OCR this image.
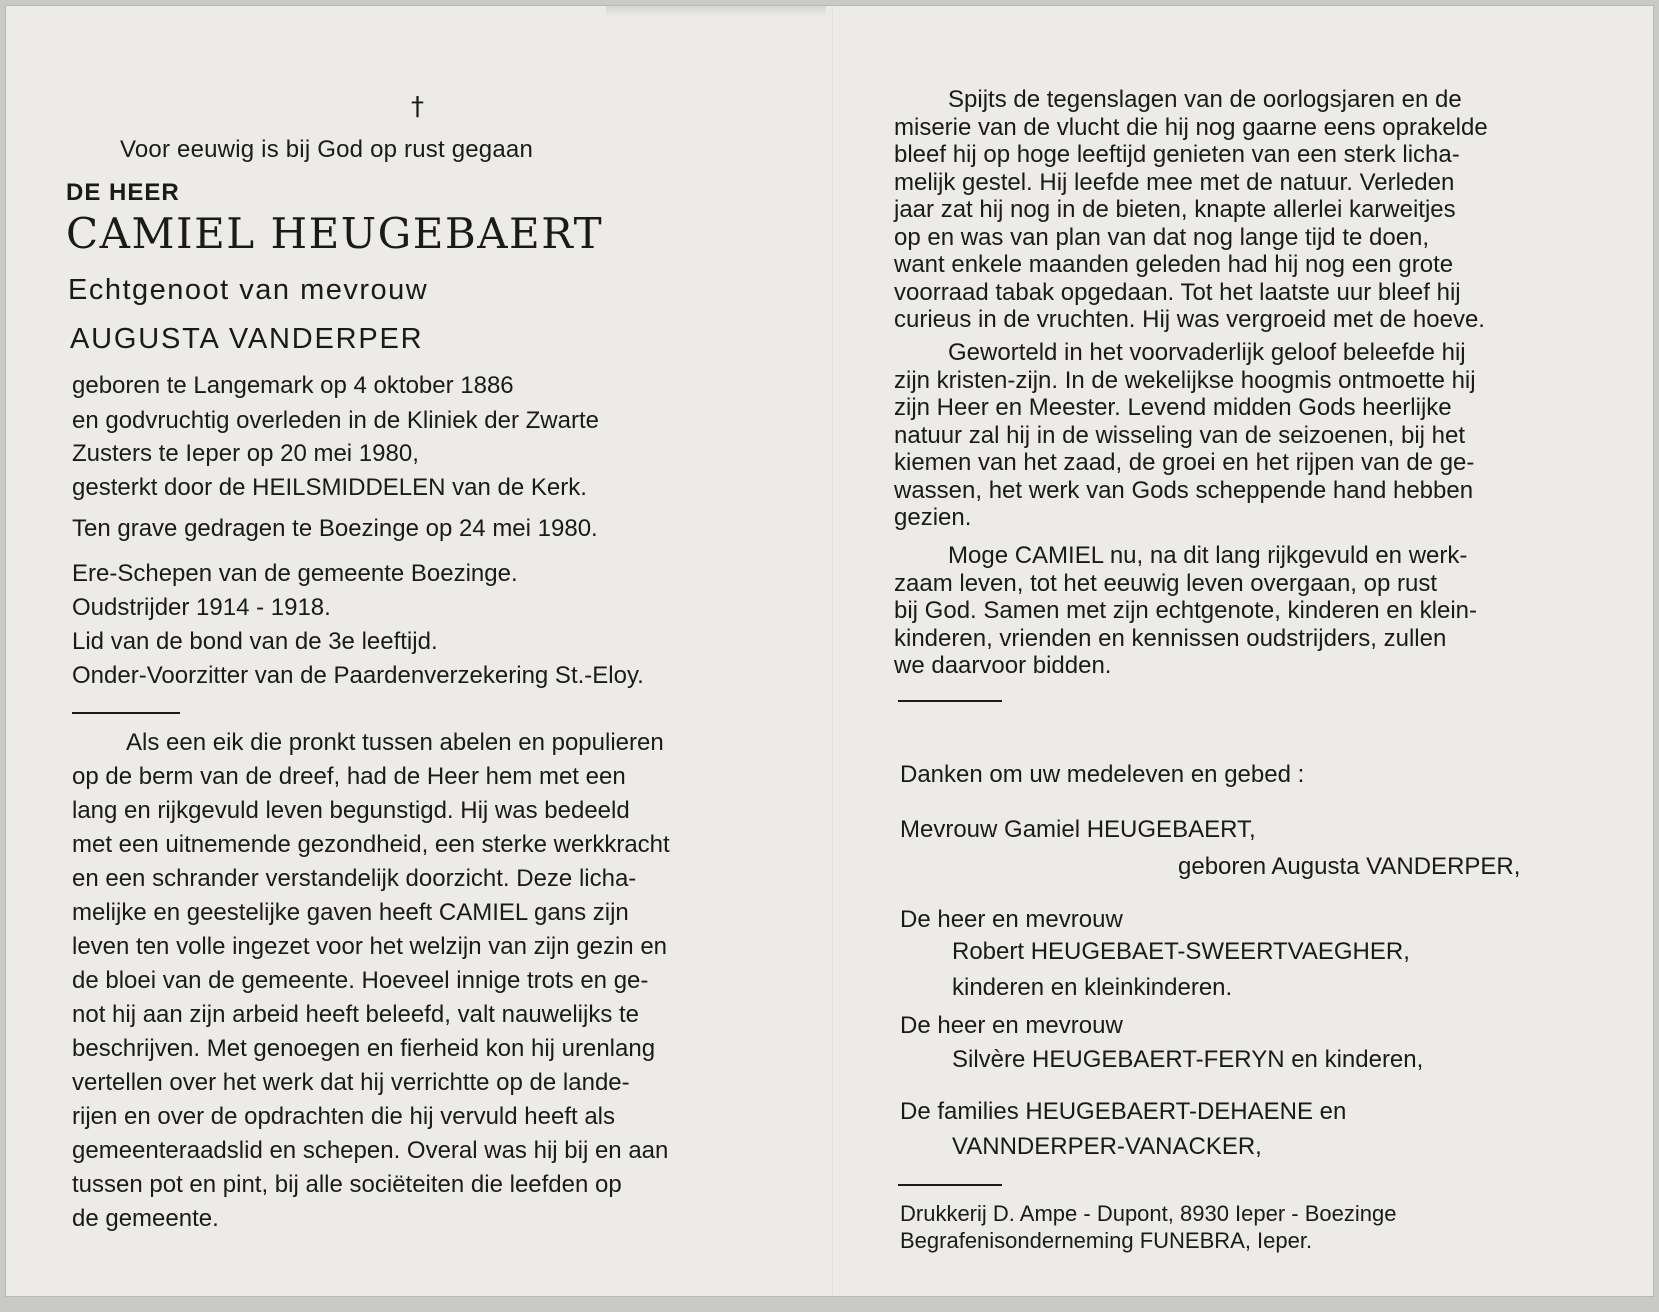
†
Voor eeuwig is bij God op rust gegaan
DE HEER
CAMIEL HEUGEBAERT
Echtgenoot van mevrouw
AUGUSTA VANDERPER
geboren te Langemark op 4 oktober 1886
en godvruchtig overleden in de Kliniek der Zwarte
Zusters te Ieper op 20 mei 1980,
gesterkt door de HEILSMIDDELEN van de Kerk.
Ten grave gedragen te Boezinge op 24 mei 1980.
Ere-Schepen van de gemeente Boezinge.
Oudstrijder 1914 - 1918.
Lid van de bond van de 3e leeftijd.
Onder-Voorzitter van de Paardenverzekering St.-Eloy.
Als een eik die pronkt tussen abelen en populieren
op de berm van de dreef, had de Heer hem met een
lang en rijkgevuld leven begunstigd. Hij was bedeeld
met een uitnemende gezondheid, een sterke werkkracht
en een schrander verstandelijk doorzicht. Deze licha-
melijke en geestelijke gaven heeft CAMIEL gans zijn
leven ten volle ingezet voor het welzijn van zijn gezin en
de bloei van de gemeente. Hoeveel innige trots en ge-
not hij aan zijn arbeid heeft beleefd, valt nauwelijks te
beschrijven. Met genoegen en fierheid kon hij urenlang
vertellen over het werk dat hij verrichtte op de lande-
rijen en over de opdrachten die hij vervuld heeft als
gemeenteraadslid en schepen. Overal was hij bij en aan
tussen pot en pint, bij alle sociëteiten die leefden op
de gemeente.
Spijts de tegenslagen van de oorlogsjaren en de
miserie van de vlucht die hij nog gaarne eens oprakelde
bleef hij op hoge leeftijd genieten van een sterk licha-
melijk gestel. Hij leefde mee met de natuur. Verleden
jaar zat hij nog in de bieten, knapte allerlei karweitjes
op en was van plan van dat nog lange tijd te doen,
want enkele maanden geleden had hij nog een grote
voorraad tabak opgedaan. Tot het laatste uur bleef hij
curieus in de vruchten. Hij was vergroeid met de hoeve.
Geworteld in het voorvaderlijk geloof beleefde hij
zijn kristen-zijn. In de wekelijkse hoogmis ontmoette hij
zijn Heer en Meester. Levend midden Gods heerlijke
natuur zal hij in de wisseling van de seizoenen, bij het
kiemen van het zaad, de groei en het rijpen van de ge-
wassen, het werk van Gods scheppende hand hebben
gezien.
Moge CAMIEL nu, na dit lang rijkgevuld en werk-
zaam leven, tot het eeuwig leven overgaan, op rust
bij God. Samen met zijn echtgenote, kinderen en klein-
kinderen, vrienden en kennissen oudstrijders, zullen
we daarvoor bidden.
Danken om uw medeleven en gebed :
Mevrouw Gamiel HEUGEBAERT,
geboren Augusta VANDERPER,
De heer en mevrouw
Robert HEUGEBAET-SWEERTVAEGHER,
kinderen en kleinkinderen.
De heer en mevrouw
Silvère HEUGEBAERT-FERYN en kinderen,
De families HEUGEBAERT-DEHAENE en
VANNDERPER-VANACKER,
Drukkerij D. Ampe - Dupont, 8930 Ieper - Boezinge
Begrafenisonderneming FUNEBRA, Ieper.
